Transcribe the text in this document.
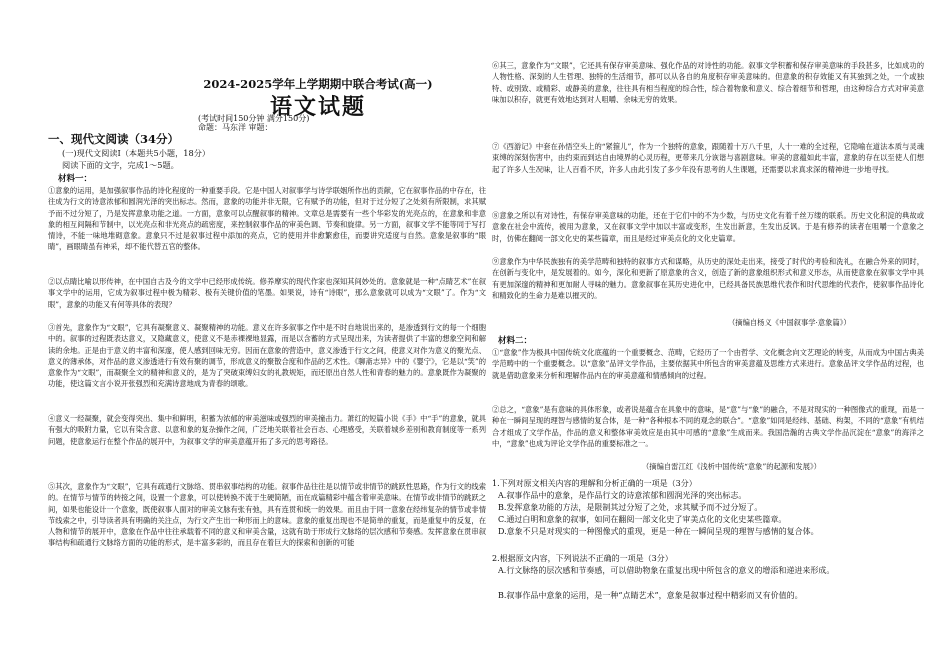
2024-2025学年上学期期中联合考试(高一)
语文试题
(考试时间150分钟 满分150分)
命题：马东洋 审题：
一、现代文阅读（34分）
(一)现代文阅读Ⅰ（本题共5小题，18分）
阅读下面的文字，完成1～5题。
材料一：

①意象的运用，是加强叙事作品的诗化程度的一种重要手段。它是中国人对叙事学与诗学联姻所作出的贡献，它在叙事作品的中存在，往往成为行文的诗意浓郁和圆润光泽的突出标志。然而，意象的功能并非无限，它有赋予的功能，但对于过分短了之处须有所限制，求其赋予而不过分短了，乃是发挥意象功能之道。一方面，意象可以点醒叙事的精神。文章总是需要有一些个华彩发的光亮点的，在意象和非意象的相互间隔和节制中，以光亮点和非光亮点的疏密度，来控制叙事作品的审美色调、节奏和旋律。另一方面，叙事文学不能等同于写打情诗，不能一味地堆砌意象。意象只不过是叙事过程中添加的亮点，它的使用并非愈繁愈佳，而要讲究适度与自然。意象是叙事的“眼睛”，画眼睛虽有神采，却不能代替五官的整体。

②以点睛比喻以形传神，在中国自古及今的文学中已经形成传统。修养摩实的现代作家也深知其间妙处的。意象就是一种“点睛艺术”在叙事文学中的运用，它成为叙事过程中极为精彩、极有关键价值的笔墨。如果说，诗有“诗眼”，那么意象就可以成为“文眼”了。作为“文眼”，意象的功能又有何等具体的表现？

③首先，意象作为“文眼”，它具有凝聚意义、凝聚精神的功能。意义在许多叙事之作中是不时自地说出来的，是渗透到行文的每一个细胞中的。叙事的过程既表达意义，又隐藏意义，使意义不是赤裸裸地显露，而是以含蓄的方式呈现出来，为读者提供了丰富的想象空间和解读的余地。正是由于意义的丰富和深邃，使人感到回味无穷。因而在意象的营造中，意义渗透于行文之间，使意义对作为意义的聚光点、意义的薄承体，对作品的意义渗透进行有效有聚的调节，形成意义的聚散合度和作品的艺术性。《聊斋志异》中的《婴宁》，它是以“笑”的意象作为“文眼”，而凝聚全文的精神和意义的，是为了突破束缚妇女的礼教规矩，而还原出自然人性和青春的魅力的。意象既作为凝聚的功能，使这篇文言小说开张强烈和充满诗意地成为青春的颂歌。

④意义一经凝聚，就会变得突出、集中和鲜明，积蓄为浓郁的审美滋味或强烈的审美撞击力。萧红的短篇小说《手》中“手”的意象，就具有强大的吸附力量，它以有染含意、以意和象的复杂操作之间，广泛地关联着社会百态、心理感受，关联着城乡差别和教育制度等一系列问题，使意象运行在整个作品的展开中，为叙事文学的审美意蕴开拓了多元的思考路径。

⑤其次，意象作为“文眼”，它具有疏通行文脉络、贯串叙事结构的功能。叙事作品往往是以情节或非情节的跳跃性思路，作为行文的线索的。在情节与情节的转接之间，设置一个意象，可以使转换不流于生硬简陋，而在成篇精彩中蕴含着审美意味。在情节或非情节的跳跃之间，如果也能设计一个意象，既使叙事人面对的审美文脉有张有弛，具有连贯和统一的效果。而且由于同一意象在经纬复杂的情节或非情节线索之中，引导读者具有明确的关注点，为行文产生出一种形而上的意味。意象的重复出现也不是简单的重复，而是重复中的反复，在人物和情节的展开中，意象在作品中往往承载着不同的意义和审美含量，这就有助于形成行文脉络的层次感和节奏感。发挥意象在贯串叙事结构和疏通行文脉络方面的功能的形式，是丰富多彩的，而且存在着巨大的探索和创新的可能

⑥其三，意象作为“文眼”，它还具有保存审美意味、强化作品的对诗性的功能。叙事文学积蓄和保存审美意味的手段甚多，比如成功的人物性格、深刻的人生哲理、独特的生活细节，都可以从各自的角度积存审美意味的。但意象的积存效能又有其独到之处，一个或独特、或别致、或精彩、或静美的意象，往往具有相当程度的综合性，综合着物象和意义、综合着细节和哲理，由这种综合方式对审美意味加以积存，就更有效地达到对人咀嚼、余味无穷的效果。

⑦《西游记》中套在孙悟空头上的“紧箍儿”，作为一个独特的意象，跟随着十万八千里，人十一难的全过程，它隐喻在道法本质与灵魂束缚的深刻伤害中，由约束而到达自由境界的心灵历程，更带来几分诙谐与喜剧意味。审美的意蕴如此丰富，意象的存在以至使人们想起了许多人生况味，让人百看不厌，许多人由此引发了多少年没有思考的人生课题，还需要以求真求深的精神进一步地寻找。

⑧意象之所以有对诗性，有保存审美意味的功能，还在于它们中的不为少数，与历史文化有着千丝万缕的联系。历史文化积淀的典故或意象在社会中流传，被用为意象，又在叙事文学中加以丰富或变形，生发出新意，生发出反讽。于是有修养的读者在咀嚼一个意象之时，仿佛在翻阅一部文化史的某些篇章，而且是经过审美点化的文化史篇章。

⑨意象作为中华民族独有的美学范畴和独特的叙事方式和谋略，从历史的深处走出来，接受了时代的考验和洗礼，在融合外来的同时，在创新与变化中，是发展着的。如今，深化和更新了原意象的含义，创造了新的意象组织形式和意义形态，从而使意象在叙事文学中具有更加深邃的精神和更加耐人寻味的魅力。意象叙事在其历史进化中，已经具备民族思维代表作和时代思维的代表作，使叙事作品诗化和精致化的生命力是难以摧灭的。

（摘编自杨义《中国叙事学·意象篇》）
材料二：

①“意象”作为极具中国传统文化底蕴的一个重要概念、范畴，它经历了一个由哲学、文化概念向文艺理论的转变，从而成为中国古典美学范畴中的一个重要概念。以“意象”品评文学作品，主要依据其中所包含的审美意蕴及思维方式来进行。意象品评文学作品的过程，也就是借助意象来分析和理解作品内在的审美意蕴和情感倾向的过程。

②总之，“意象”是有意味的具体形象，或者说是蕴含在具象中的意味，是“意”与“象”的融合，不是对现实的一种图像式的重现，而是一种在一瞬间呈现的理智与感情的复合体，是一种“各种根本不同的观念的联合”。“意象”如同是经纬、基础、构架，不同的“意象”有机结合才组成了文学作品，作品的意义和整体审美效应是由其中可感的“意象”生成而来。我国浩瀚的古典文学作品沉淀在“意象”的海洋之中，“意象”也成为评论文学作品的重要标准之一。

（摘编自雷江红《浅析中国传统“意象”的起源和发展》）

1.下列对原文相关内容的理解和分析正确的一项是（3分）

A.叙事作品中的意象，是作品行文的诗意浓郁和圆润光泽的突出标志。

B.发挥意象功能的方法，是限制其过分短了之处，求其赋予而不过分短了。

C.通过白明和意象的叙事，如同在翻阅一部文化史了审美点化的文化史某些篇章。

D.意象不只是对现实的一种图像式的重现，更是一种在一瞬间呈现的理智与感情的复合体。

2.根据原文内容，下列说法不正确的一项是（3分）

A.行文脉络的层次感和节奏感，可以借助物象在重复出现中所包含的意义的增添和递进来形成。

B.叙事作品中意象的运用，是一种“点睛艺术”，意象是叙事过程中精彩而又有价值的。
